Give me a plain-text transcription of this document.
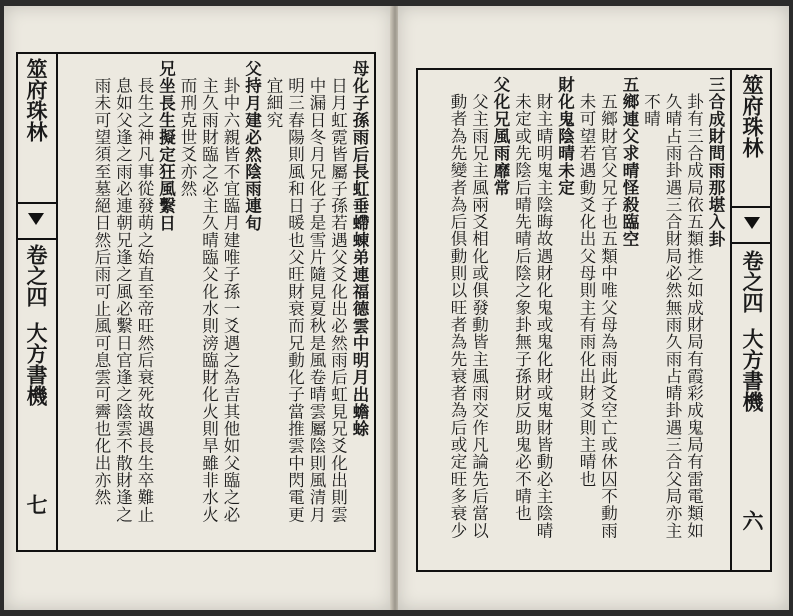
筮府珠林
卷之四
大方書機
七
母化子孫雨后長虹垂螮蝀弟連福德雲中明月出蟾蜍
日月虹霓皆屬子孫若遇父爻化出必然雨后虹見兄爻化出則雲
中漏日冬月兄化子是雪片隨見夏秋是風卷晴雲屬陰則風清月
明三春陽則風和日暖也父旺財衰而兄動化子當推雲中閃電更
宜細究
父持月建必然陰雨連旬
卦中六親皆不宜臨月建唯子孫一爻遇之為吉其他如父臨之必
主久雨財臨之必主久晴臨父化水則滂臨財化火則旱雖非水火
而刑克世爻亦然
兄坐長生擬定狂風繫日
長生之神凡事從發萌之始直至帝旺然后衰死故遇長生卒難止
息如父逢之雨必連朝兄逢之風必繫日官逢之陰雲不散財逢之
雨未可望須至墓絕日然后雨可止風可息雲可霽也化出亦然	筮府珠林
卷之四
大方書機
六
三合成財問雨那堪入卦
卦有三合成局依五類推之如成財局有霞彩成鬼局有雷電類如
久晴占雨卦遇三合財局必然無雨久雨占晴卦遇三合父局亦主
不晴
五鄉連父求晴怪殺臨空
五鄉財官父兄子也五類中唯父母為雨此爻空亡或休囚不動雨
未可望若遇動爻化出父母則主有雨化出財爻則主晴也
財化鬼陰晴未定
財主晴明鬼主陰晦故遇財化鬼或鬼化財或鬼財皆動必主陰晴
未定或先陰后晴先晴后陰之象卦無子孫財反助鬼必不晴也
父化兄風雨靡常
父主雨兄主風兩爻相化或俱發動皆主風雨交作凡論先后當以
動者為先變者為后俱動則以旺者為先衰者為后或定旺多衰少
